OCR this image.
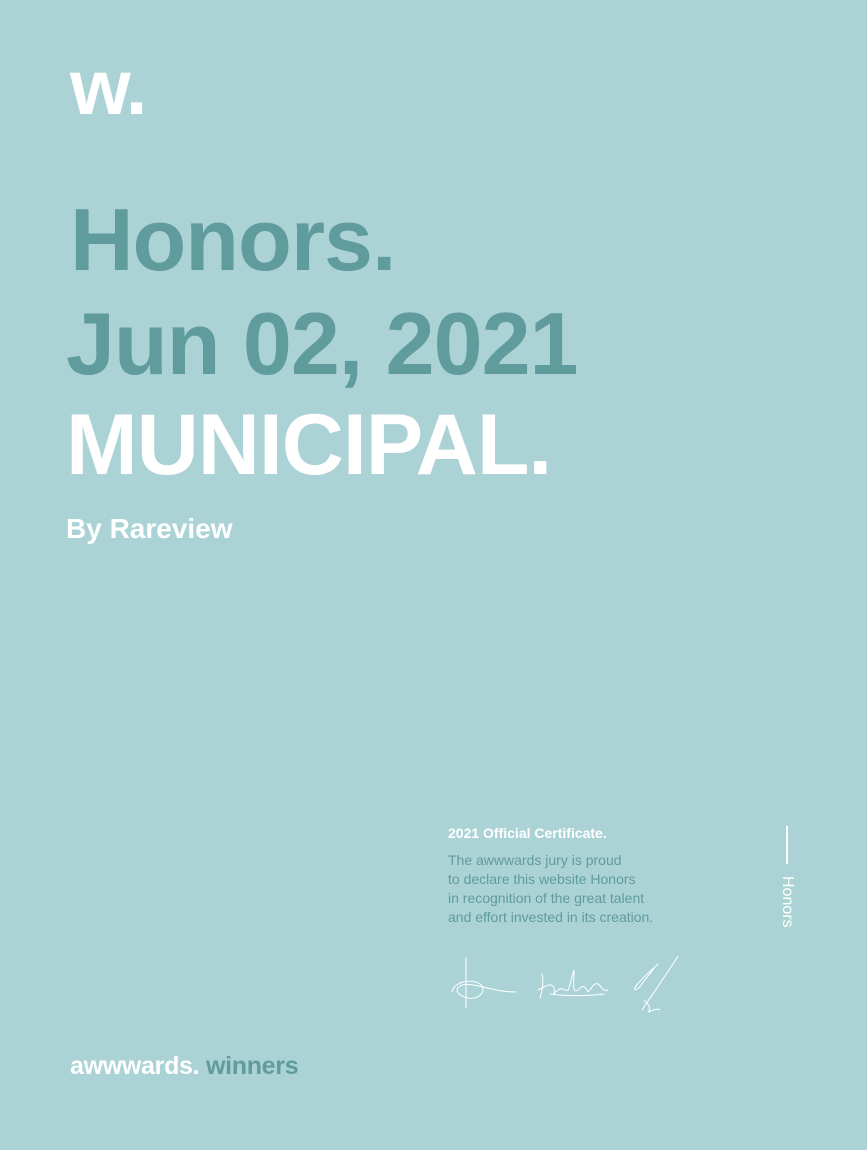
w.
Honors.
Jun 02, 2021
MUNICIPAL.

By Rareview

2021 Official Certificate.

The awwwards jury is proud

to declare this website Honors

in recognition of the great talent

and effort invested in its creation.	Honors
awwwards. winners
